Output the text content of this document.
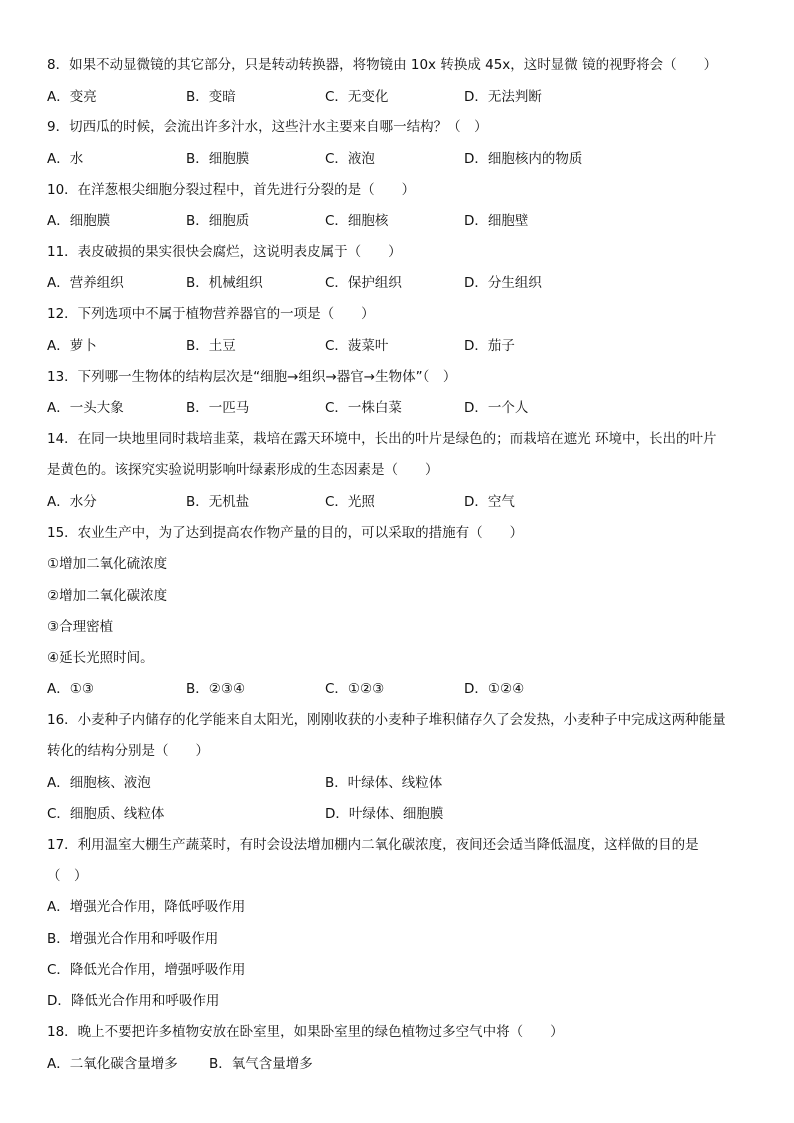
8．如果不动显微镜的其它部分，只是转动转换器，将物镜由 10x 转换成 45x，这时显微 镜的视野将会（　　）
A．变亮	B．变暗	C．无变化	D．无法判断
9．切西瓜的时候，会流出许多汁水，这些汁水主要来自哪一结构？（　）
A．水	B．细胞膜	C．液泡	D．细胞核内的物质
10．在洋葱根尖细胞分裂过程中，首先进行分裂的是（　　）
A．细胞膜	B．细胞质	C．细胞核	D．细胞壁
11．表皮破损的果实很快会腐烂，这说明表皮属于（　　）
A．营养组织	B．机械组织	C．保护组织	D．分生组织
12．下列选项中不属于植物营养器官的一项是（　　）
A．萝卜	B．土豆	C．菠菜叶	D．茄子
13．下列哪一生物体的结构层次是“细胞→组织→器官→生物体”（　）
A．一头大象	B．一匹马	C．一株白菜	D．一个人
14．在同一块地里同时栽培韭菜，栽培在露天环境中，长出的叶片是绿色的；而栽培在遮光 环境中，长出的叶片
是黄色的。该探究实验说明影响叶绿素形成的生态因素是（　　）
A．水分	B．无机盐	C．光照	D．空气
15．农业生产中，为了达到提高农作物产量的目的，可以采取的措施有（　　）
①增加二氧化硫浓度
②增加二氧化碳浓度
③合理密植
④延长光照时间。
A．①③	B．②③④	C．①②③	D．①②④
16．小麦种子内储存的化学能来自太阳光，刚刚收获的小麦种子堆积储存久了会发热，小麦种子中完成这两种能量
转化的结构分别是（　　）
A．细胞核、液泡	B．叶绿体、线粒体
C．细胞质、线粒体	D．叶绿体、细胞膜
17．利用温室大棚生产蔬菜时，有时会设法增加棚内二氧化碳浓度，夜间还会适当降低温度，这样做的目的是
（　）
A．增强光合作用，降低呼吸作用
B．增强光合作用和呼吸作用
C．降低光合作用，增强呼吸作用
D．降低光合作用和呼吸作用
18．晚上不要把许多植物安放在卧室里，如果卧室里的绿色植物过多空气中将（　　）
A．二氧化碳含量增多 B．氧气含量增多
